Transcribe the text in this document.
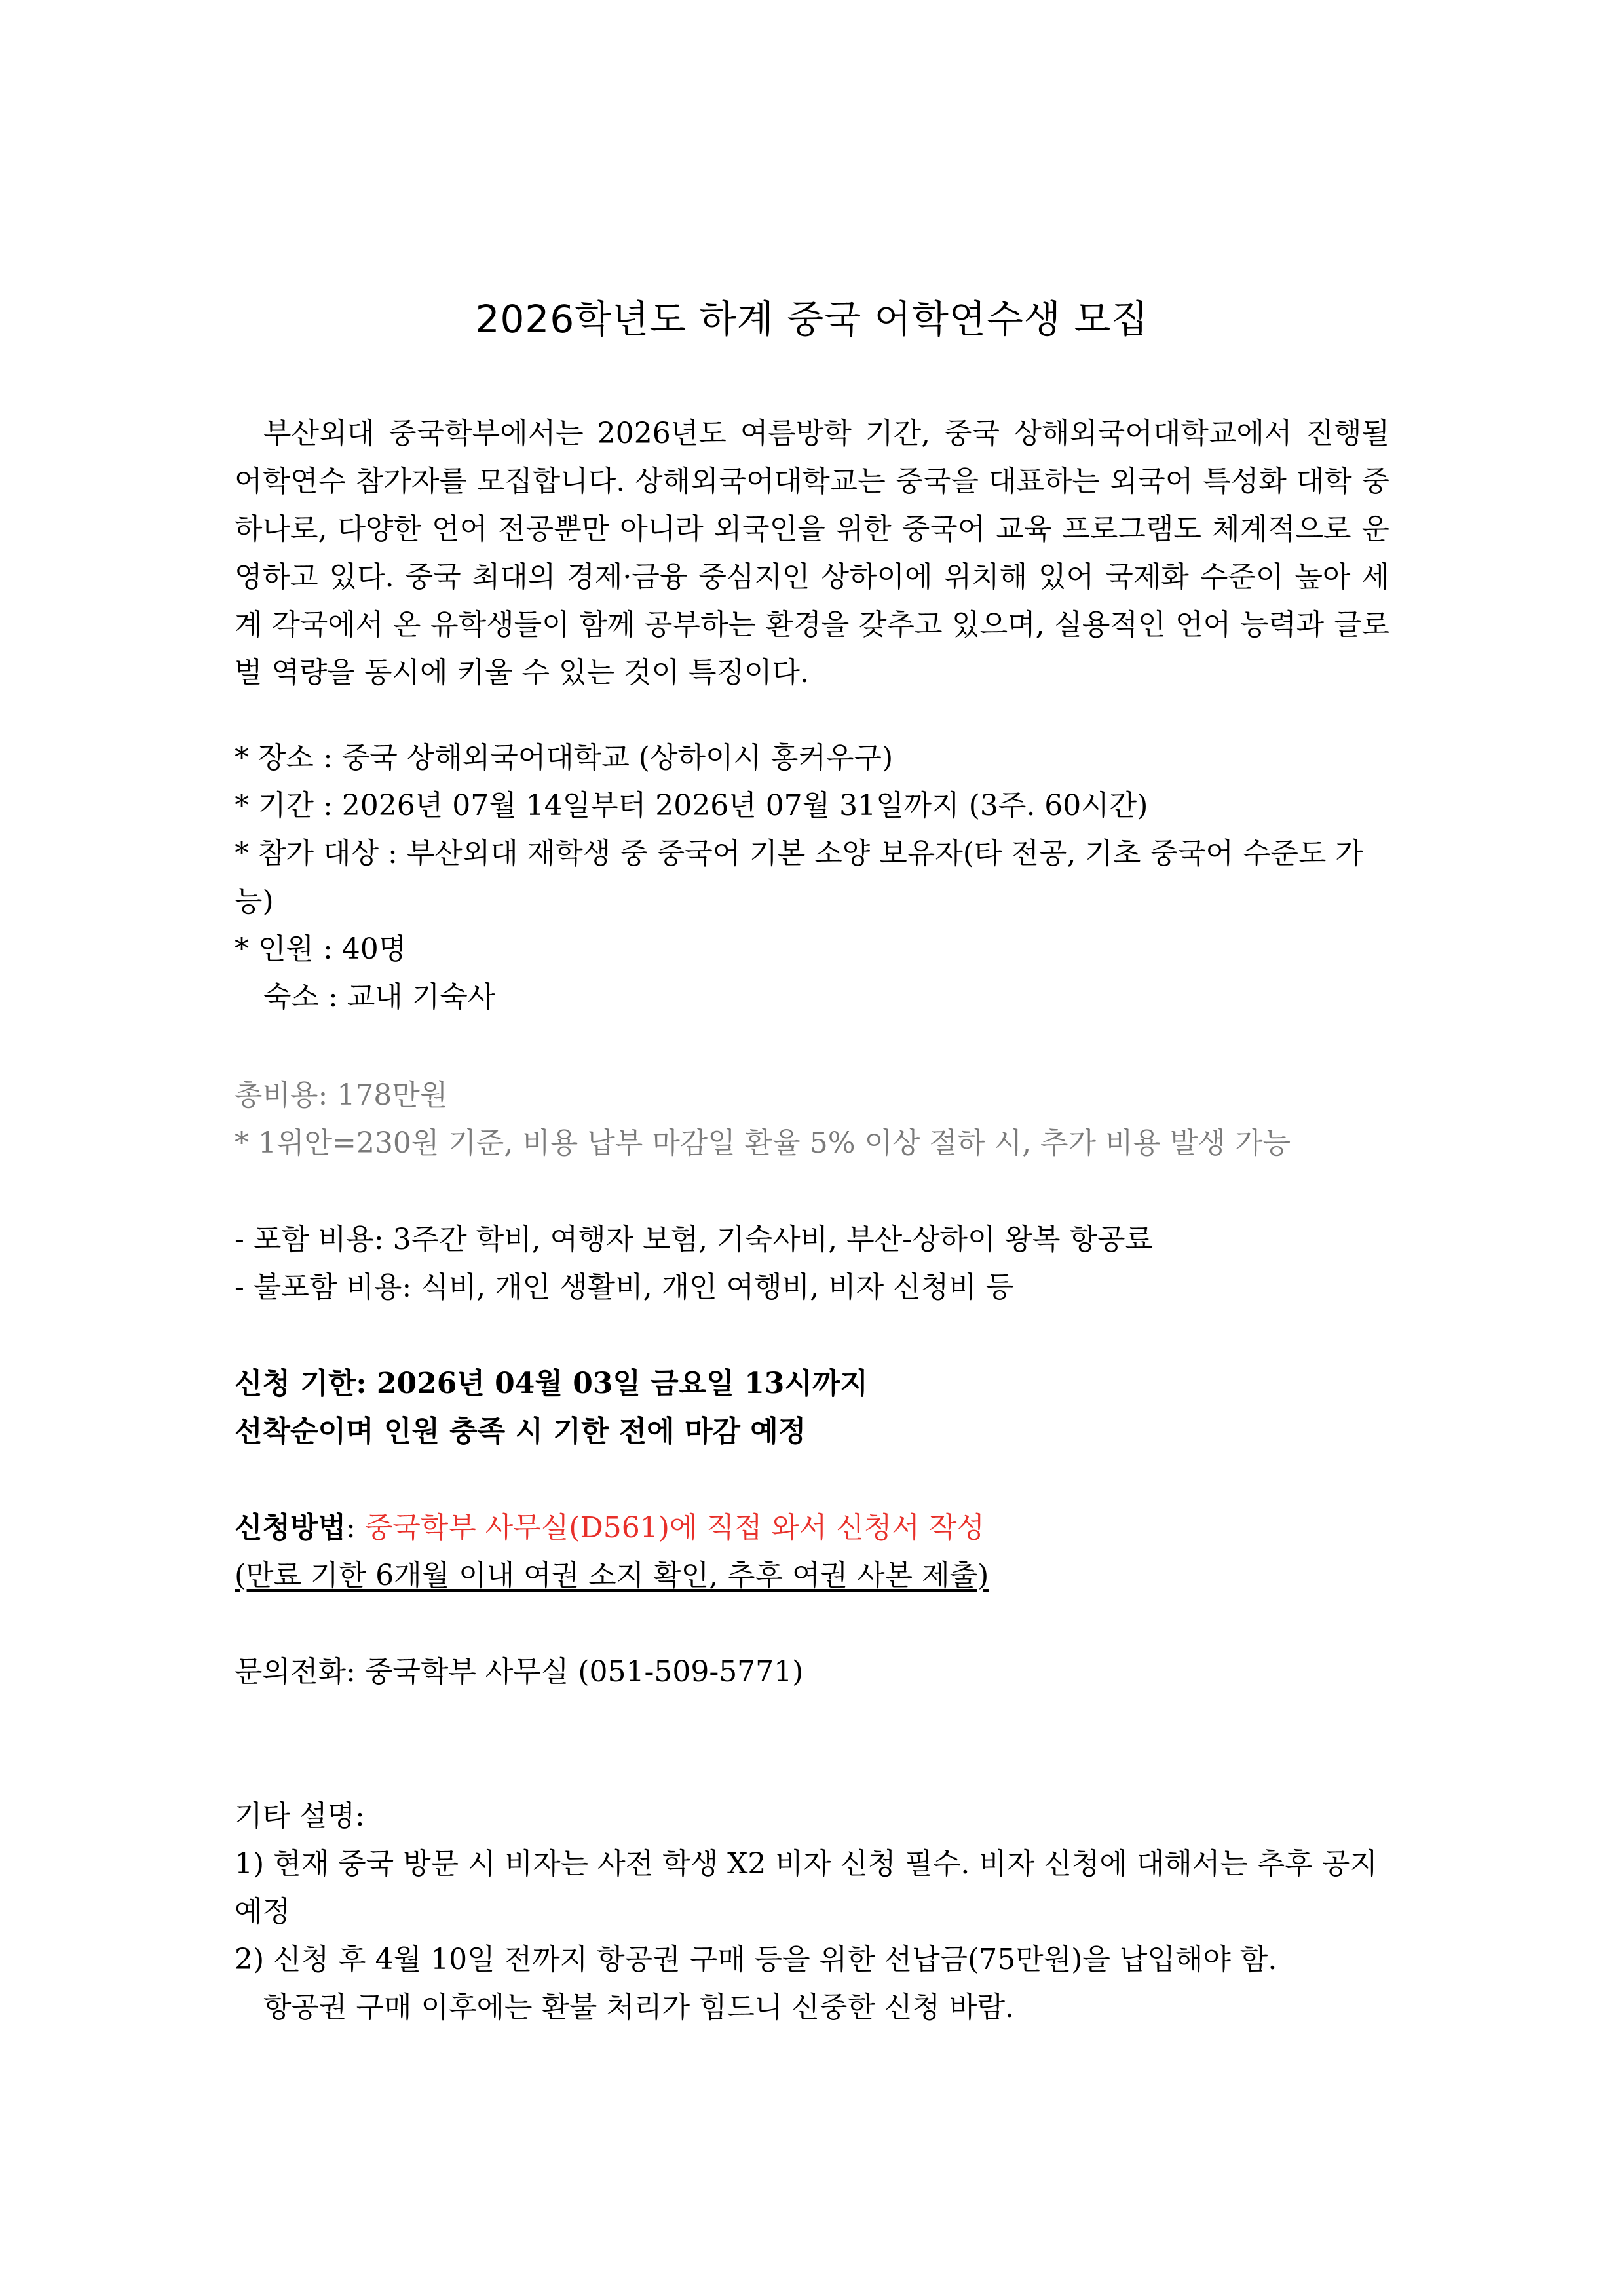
2026학년도 하계 중국 어학연수생 모집

부산외대 중국학부에서는 2026년도 여름방학 기간, 중국 상해외국어대학교에서 진행될 어학연수 참가자를 모집합니다. 상해외국어대학교는 중국을 대표하는 외국어 특성화 대학 중 하나로, 다양한 언어 전공뿐만 아니라 외국인을 위한 중국어 교육 프로그램도 체계적으로 운영하고 있다. 중국 최대의 경제·금융 중심지인 상하이에 위치해 있어 국제화 수준이 높아 세계 각국에서 온 유학생들이 함께 공부하는 환경을 갖추고 있으며, 실용적인 언어 능력과 글로벌 역량을 동시에 키울 수 있는 것이 특징이다.

* 장소 : 중국 상해외국어대학교 (상하이시 홍커우구)
* 기간 : 2026년 07월 14일부터 2026년 07월 31일까지 (3주. 60시간)
* 참가 대상 : 부산외대 재학생 중 중국어 기본 소양 보유자(타 전공, 기초 중국어 수준도 가능)
* 인원 : 40명
숙소 : 교내 기숙사
총비용: 178만원
* 1위안=230원 기준, 비용 납부 마감일 환율 5% 이상 절하 시, 추가 비용 발생 가능
- 포함 비용: 3주간 학비, 여행자 보험, 기숙사비, 부산-상하이 왕복 항공료
- 불포함 비용: 식비, 개인 생활비, 개인 여행비, 비자 신청비 등
신청 기한: 2026년 04월 03일 금요일 13시까지
선착순이며 인원 충족 시 기한 전에 마감 예정
신청방법: 중국학부 사무실(D561)에 직접 와서 신청서 작성
(만료 기한 6개월 이내 여권 소지 확인, 추후 여권 사본 제출)
문의전화: 중국학부 사무실 (051-509-5771)
기타 설명:
1) 현재 중국 방문 시 비자는 사전 학생 X2 비자 신청 필수. 비자 신청에 대해서는 추후 공지 예정
2) 신청 후 4월 10일 전까지 항공권 구매 등을 위한 선납금(75만원)을 납입해야 함.
항공권 구매 이후에는 환불 처리가 힘드니 신중한 신청 바람.
